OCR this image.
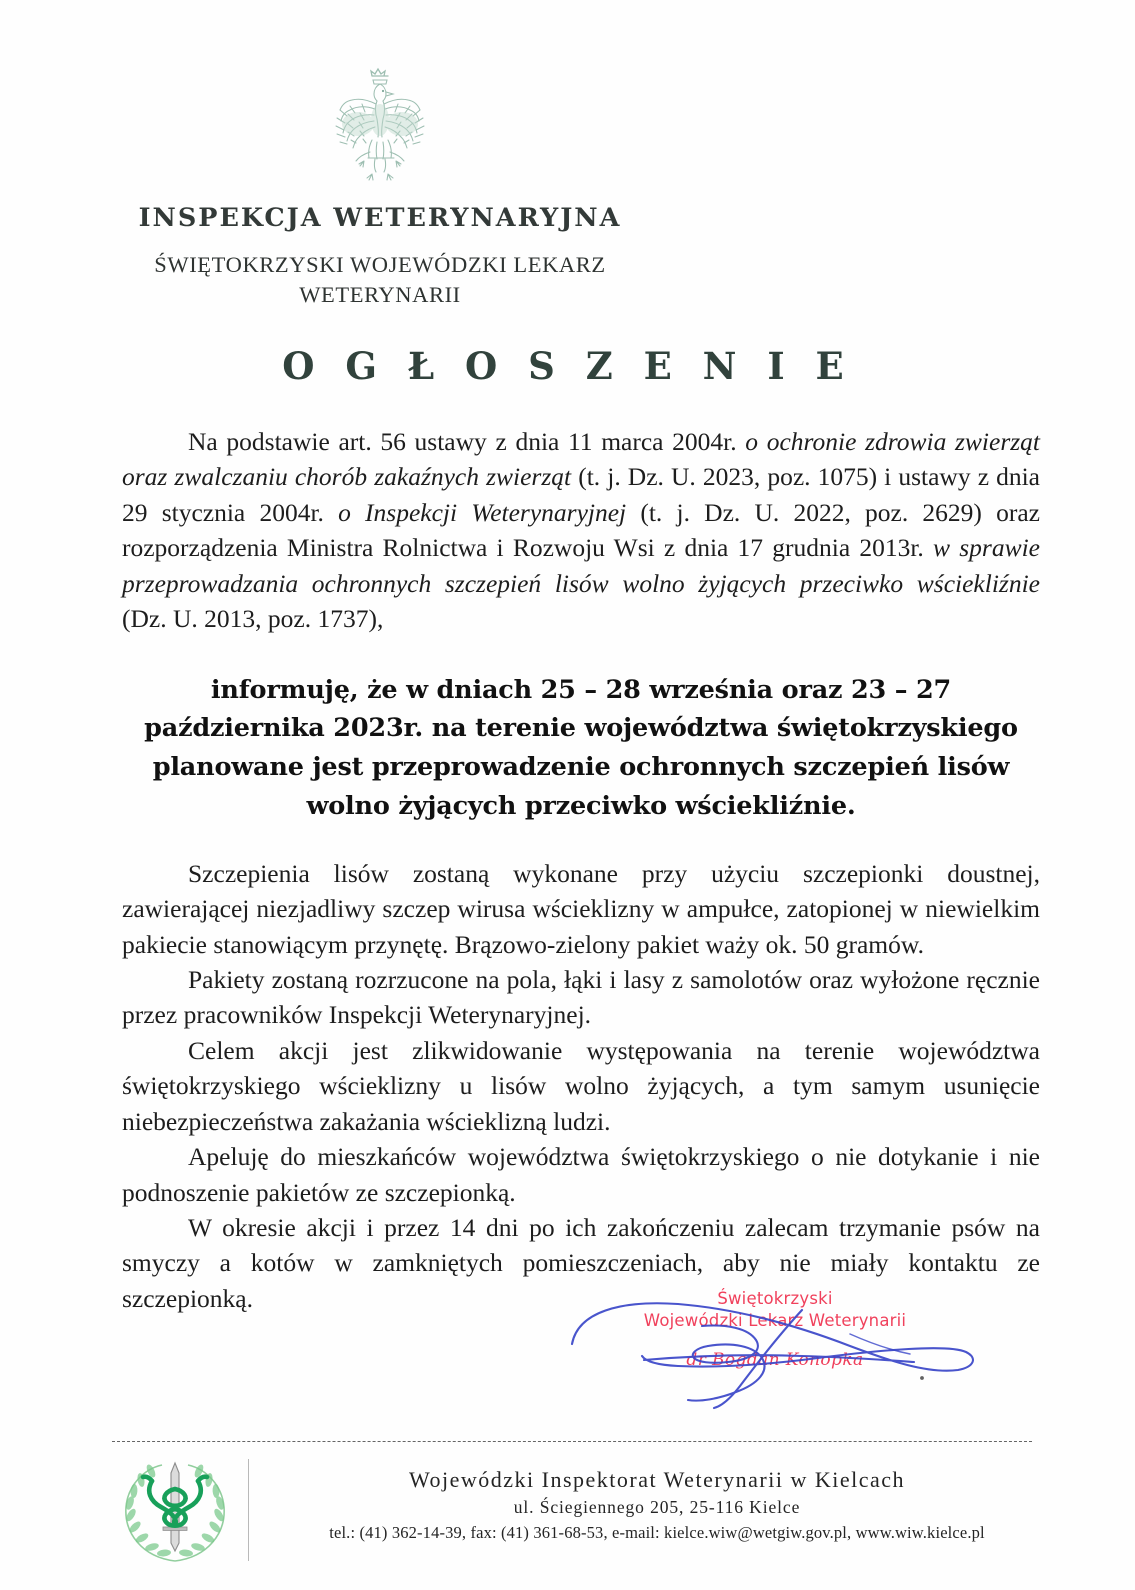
INSPEKCJA WETERYNARYJNA
ŚWIĘTOKRZYSKI WOJEWÓDZKI LEKARZ
WETERYNARII
O G Ł O S Z E N I E

Na podstawie art. 56 ustawy z dnia 11 marca 2004r. o ochronie zdrowia zwierząt oraz zwalczaniu chorób zakaźnych zwierząt (t. j. Dz. U. 2023, poz. 1075) i ustawy z dnia 29 stycznia 2004r. o Inspekcji Weterynaryjnej (t. j. Dz. U. 2022, poz. 2629) oraz rozporządzenia Ministra Rolnictwa i Rozwoju Wsi z dnia 17 grudnia 2013r. w sprawie przeprowadzania ochronnych szczepień lisów wolno żyjących przeciwko wściekliźnie (Dz. U. 2013, poz. 1737),

informuję, że w dniach 25 – 28 września oraz 23 – 27 października 2023r. na terenie województwa świętokrzyskiego planowane jest przeprowadzenie ochronnych szczepień lisów wolno żyjących przeciwko wściekliźnie.

Szczepienia lisów zostaną wykonane przy użyciu szczepionki doustnej, zawierającej niezjadliwy szczep wirusa wścieklizny w ampułce, zatopionej w niewielkim pakiecie stanowiącym przynętę. Brązowo-zielony pakiet waży ok. 50 gramów.

Pakiety zostaną rozrzucone na pola, łąki i lasy z samolotów oraz wyłożone ręcznie przez pracowników Inspekcji Weterynaryjnej.

Celem akcji jest zlikwidowanie występowania na terenie województwa świętokrzyskiego wścieklizny u lisów wolno żyjących, a tym samym usunięcie niebezpieczeństwa zakażania wścieklizną ludzi.

Apeluję do mieszkańców województwa świętokrzyskiego o nie dotykanie i nie podnoszenie pakietów ze szczepionką.

W okresie akcji i przez 14 dni po ich zakończeniu zalecam trzymanie psów na smyczy a kotów w zamkniętych pomieszczeniach, aby nie miały kontaktu ze szczepionką.	Świętokrzyski
Wojewódzki Lekarz Weterynarii
dr Bogdan Konopka
Wojewódzki Inspektorat Weterynarii w Kielcach
ul. Ściegiennego 205, 25-116 Kielce
tel.: (41) 362-14-39, fax: (41) 361-68-53, e-mail: kielce.wiw@wetgiw.gov.pl, www.wiw.kielce.pl
